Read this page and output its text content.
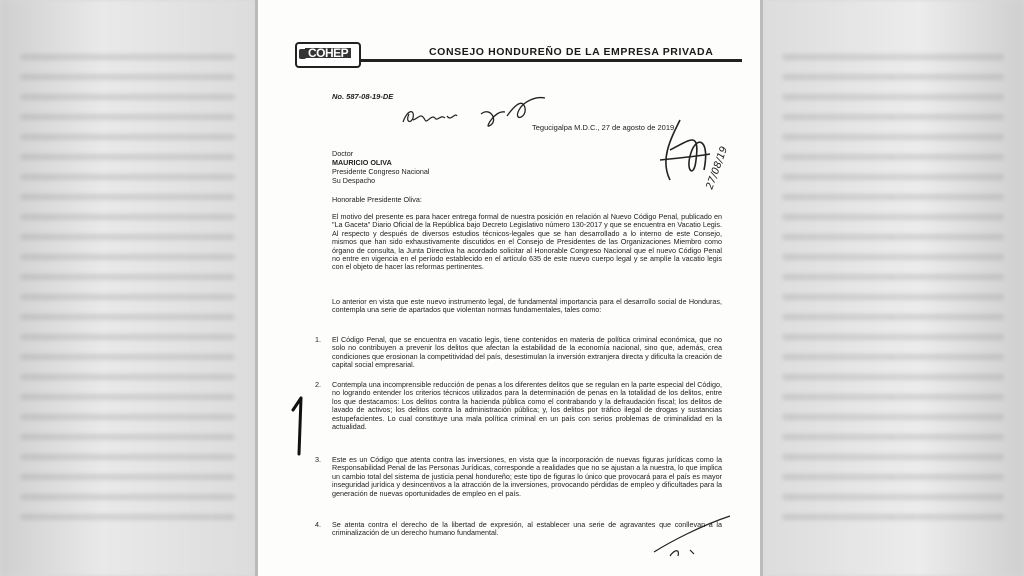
COHEP	CONSEJO HONDUREÑO DE LA EMPRESA PRIVADA
No. 587-08-19-DE
Tegucigalpa M.D.C., 27 de agosto de 2019
27/08/19
Doctor
MAURICIO OLIVA
Presidente Congreso Nacional
Su Despacho
Honorable Presidente Oliva:
El motivo del presente es para hacer entrega formal de nuestra posición en relación al Nuevo Código Penal, publicado en "La Gaceta" Diario Oficial de la República bajo Decreto Legislativo número 130-2017 y que se encuentra en Vacatio Legis. Al respecto y después de diversos estudios técnicos-legales que se han desarrollado a lo interno de este Consejo, mismos que han sido exhaustivamente discutidos en el Consejo de Presidentes de las Organizaciones Miembro como órgano de consulta, la Junta Directiva ha acordado solicitar al Honorable Congreso Nacional que el nuevo Código Penal no entre en vigencia en el período establecido en el artículo 635 de este nuevo cuerpo legal y se amplíe la vacatio legis con el objeto de hacer las reformas pertinentes.
Lo anterior en vista que este nuevo instrumento legal, de fundamental importancia para el desarrollo social de Honduras, contempla una serie de apartados que violentan normas fundamentales, tales como:
1. El Código Penal, que se encuentra en vacatio legis, tiene contenidos en materia de política criminal económica, que no solo no contribuyen a prevenir los delitos que afectan la estabilidad de la economía nacional, sino que, además, crea condiciones que erosionan la competitividad del país, desestimulan la inversión extranjera directa y dificulta la creación de capital social empresarial.
2. Contempla una incomprensible reducción de penas a los diferentes delitos que se regulan en la parte especial del Código, no logrando entender los criterios técnicos utilizados para la determinación de penas en la totalidad de los delitos, entre los que destacamos: Los delitos contra la hacienda pública como el contrabando y la defraudación fiscal; los delitos de lavado de activos; los delitos contra la administración pública; y, los delitos por tráfico ilegal de drogas y sustancias estupefacientes. Lo cual constituye una mala política criminal en un país con serios problemas de criminalidad en la actualidad.
3. Este es un Código que atenta contra las inversiones, en vista que la incorporación de nuevas figuras jurídicas como la Responsabilidad Penal de las Personas Jurídicas, corresponde a realidades que no se ajustan a la nuestra, lo que implica un cambio total del sistema de justicia penal hondureño; este tipo de figuras lo único que provocará para el país es mayor inseguridad jurídica y desincentivos a la atracción de la inversiones, provocando pérdidas de empleo y dificultades para la generación de nuevas oportunidades de empleo en el país.
4. Se atenta contra el derecho de la libertad de expresión, al establecer una serie de agravantes que conllevan a la criminalización de un derecho humano fundamental.
